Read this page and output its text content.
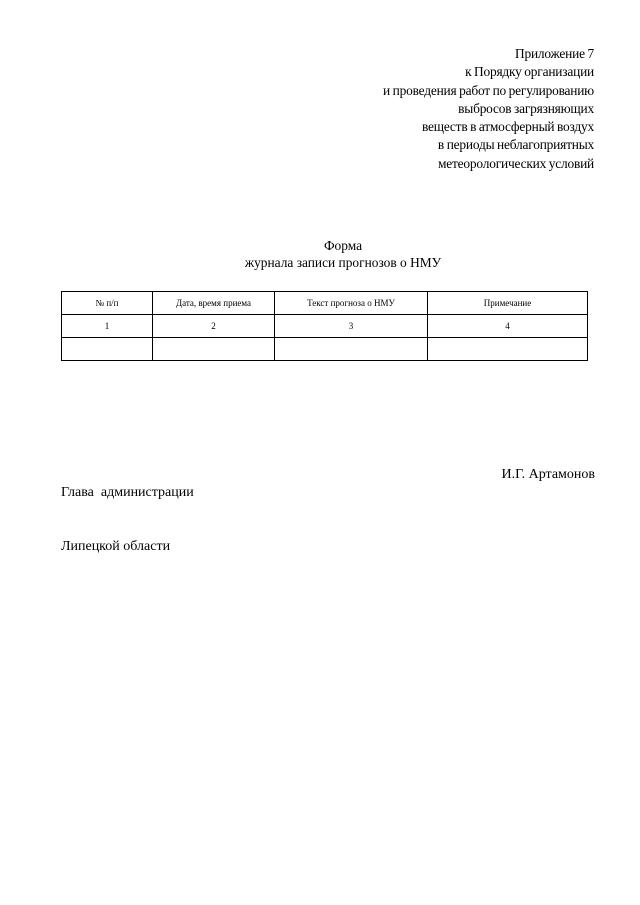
Приложение 7
к Порядку организации
и проведения работ по регулированию
выбросов загрязняющих
веществ в атмосферный воздух
в периоды неблагоприятных
метеорологических условий
Форма
журнала записи прогнозов о НМУ
№ п/п	Дата, время приема	Текст прогноза о НМУ	Примечание
1	2	3	4

Глава  администрации

Липецкой области

И.Г. Артамонов
